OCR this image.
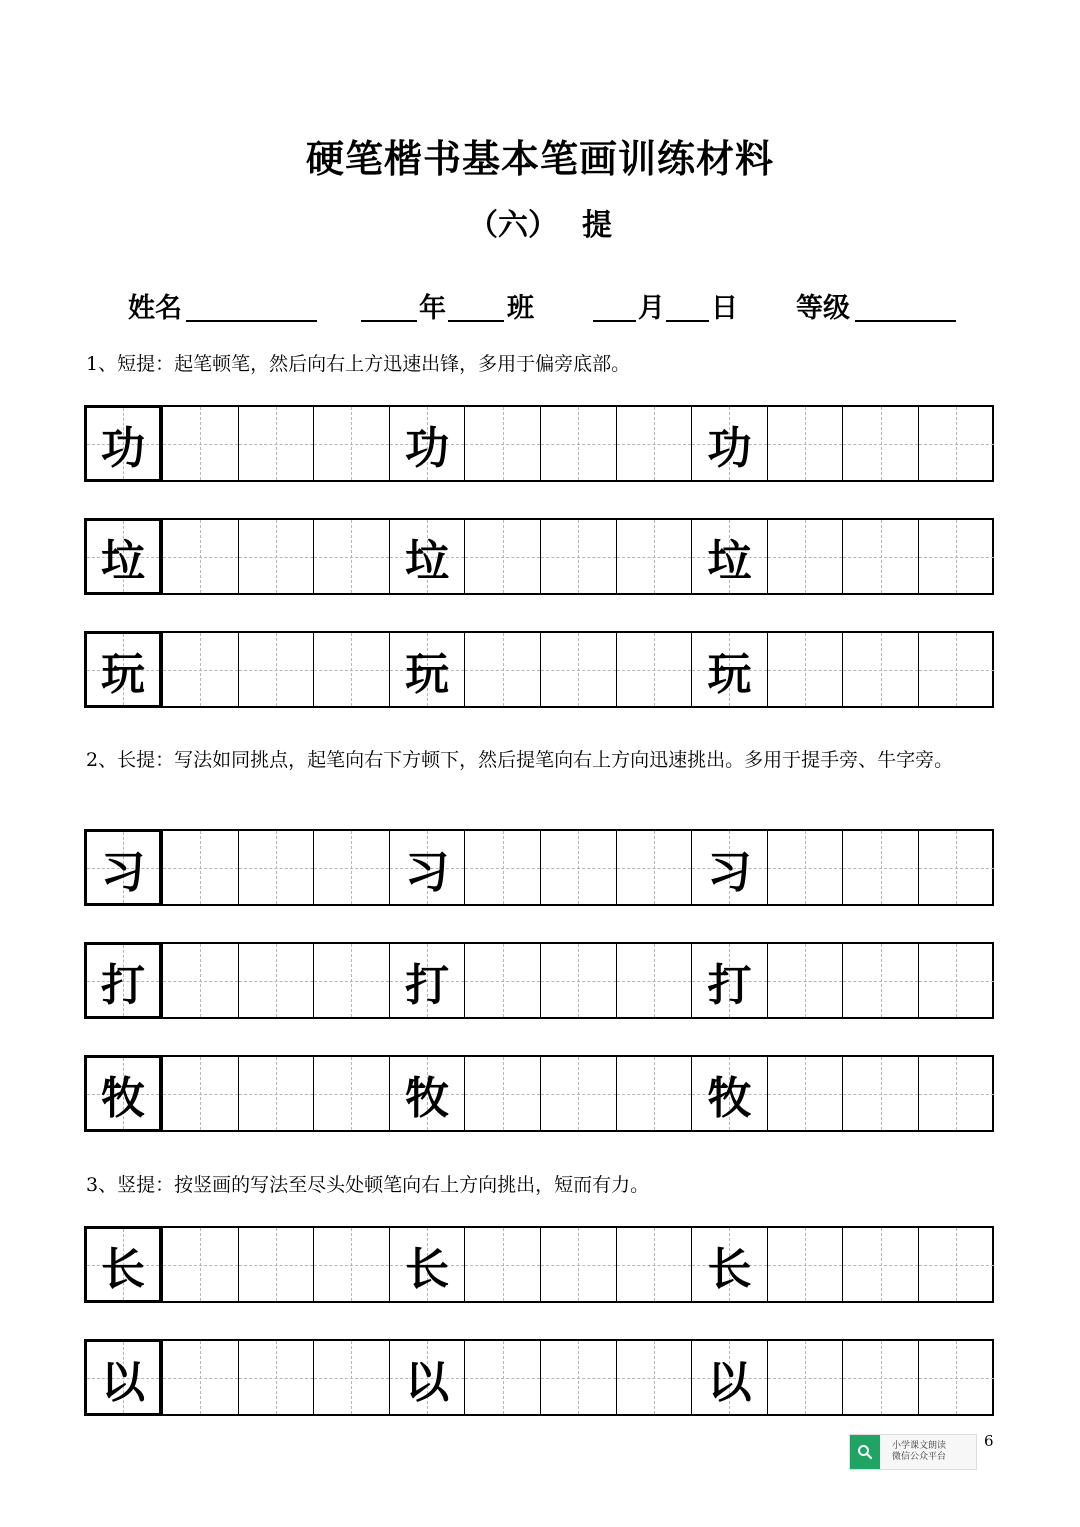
硬笔楷书基本笔画训练材料
（六） 提
姓名	年 班	月 日 等级
1、短提：起笔顿笔，然后向右上方迅速出锋，多用于偏旁底部。
功	功	功
垃	垃	垃
玩	玩	玩
2、长提：写法如同挑点，起笔向右下方顿下，然后提笔向右上方向迅速挑出。多用于提手旁、牛字旁。
习	习	习
打	打	打
牧	牧	牧
3、竖提：按竖画的写法至尽头处顿笔向右上方向挑出，短而有力。
长	长	长
以	以	以
小学课文朗读
微信公众平台
6
